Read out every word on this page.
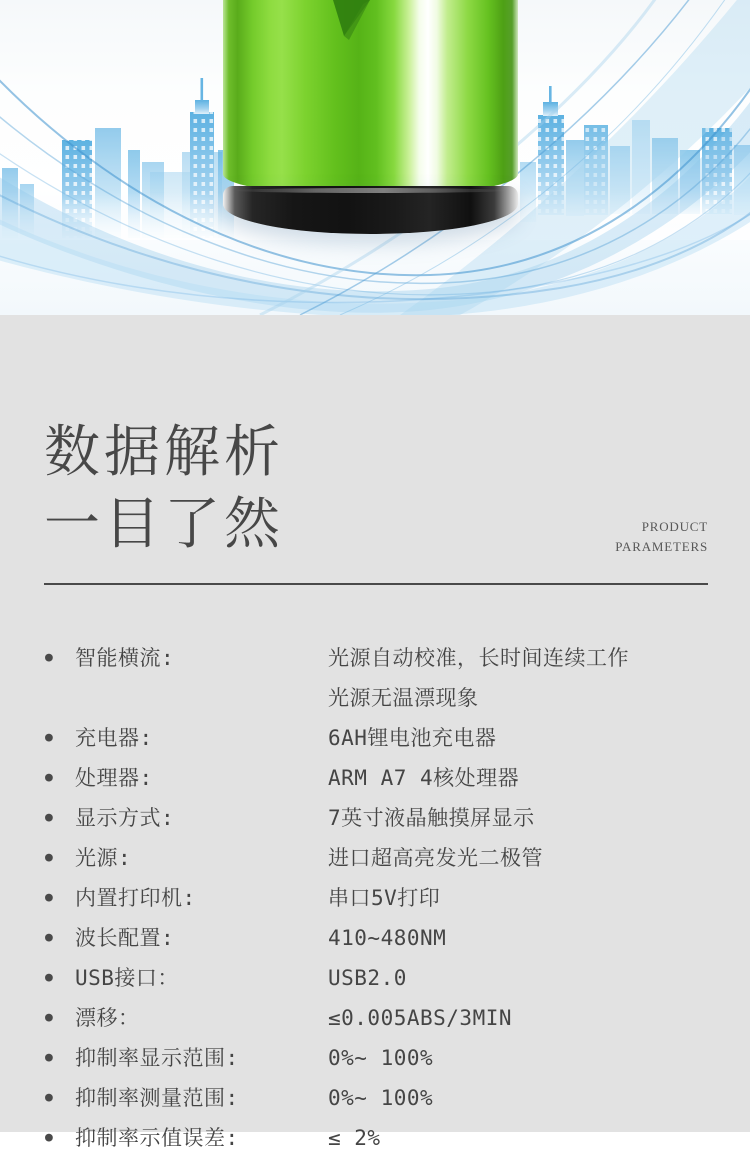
数据解析
一目了然	PRODUCT
PARAMETERS
●	智能横流:	光源自动校准，长时间连续工作
光源无温漂现象
●	充电器:	6AH锂电池充电器
●	处理器:	ARM A7 4核处理器
●	显示方式:	7英寸液晶触摸屏显示
●	光源:	进口超高亮发光二极管
●	内置打印机:	串口5V打印
●	波长配置:	410~480NM
●	USB接口：	USB2.0
●	漂移：	≤0.005ABS/3MIN
●	抑制率显示范围:	0%~ 100%
●	抑制率测量范围:	0%~ 100%
●	抑制率示值误差:	≤ 2%
